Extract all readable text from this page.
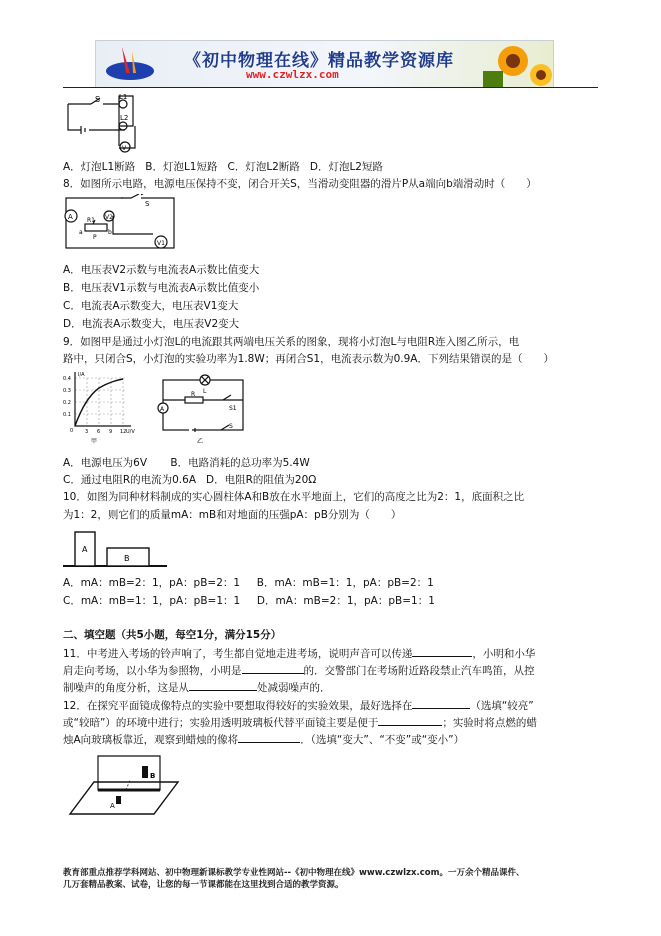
《初中物理在线》精品教学资源库
www.czwlzx.com
S	L1
L2
V
A．灯泡L1断路 B．灯泡L1短路 C．灯泡L2断路 D．灯泡L2短路
8．如图所示电路，电源电压保持不变，闭合开关S，当滑动变阻器的滑片P从a端向b端滑动时（　　）
A	V2
S
R1
a
P
b
V1
A．电压表V2示数与电流表A示数比值变大
B．电压表V1示数与电流表A示数比值变小
C．电流表A示数变大，电压表V1变大
D．电流表A示数变大，电压表V2变大
9．如图甲是通过小灯泡L的电流跟其两端电压关系的图象，现将小灯泡L与电阻R连入图乙所示，电
路中，只闭合S，小灯泡的实验功率为1.8W；再闭合S1，电流表示数为0.9A．下列结果错误的是（　　）
I/A
0.4
0.3
0.2
0.1
0 3 6 9 12 U/V
甲
L
R
S1
A
S
乙
A．电源电压为6V B．电路消耗的总功率为5.4W
C．通过电阻R的电流为0.6A D．电阻R的阻值为20Ω
10．如图为同种材料制成的实心圆柱体A和B放在水平地面上，它们的高度之比为2：1，底面积之比
为1：2，则它们的质量mA：mB和对地面的压强pA：pB分别为（　　）
A
B
A．mA：mB=2：1，pA：pB=2：1 B．mA：mB=1：1，pA：pB=2：1
C．mA：mB=1：1，pA：pB=1：1 D．mA：mB=2：1，pA：pB=1：1
二、填空题（共5小题，每空1分，满分15分）
11．中考进入考场的铃声响了，考生都自觉地走进考场，说明声音可以传递	，小明和小华
肩走向考场，以小华为参照物，小明是	的．交警部门在考场附近路段禁止汽车鸣笛，从控
制噪声的角度分析，这是从	处减弱噪声的．
12．在探究平面镜成像特点的实验中要想取得较好的实验效果，最好选择在	（选填“较亮”
或“较暗”）的环境中进行；实验用透明玻璃板代替平面镜主要是便于	；实验时将点燃的蜡
烛A向玻璃板靠近，观察到蜡烛的像将	．（选填“变大”、“不变”或“变小”）
B
A
教育部重点推荐学科网站、初中物理新课标教学专业性网站--《初中物理在线》www.czwlzx.com。一万余个精品课件、
几万套精品教案、试卷，让您的每一节课都能在这里找到合适的教学资源。
